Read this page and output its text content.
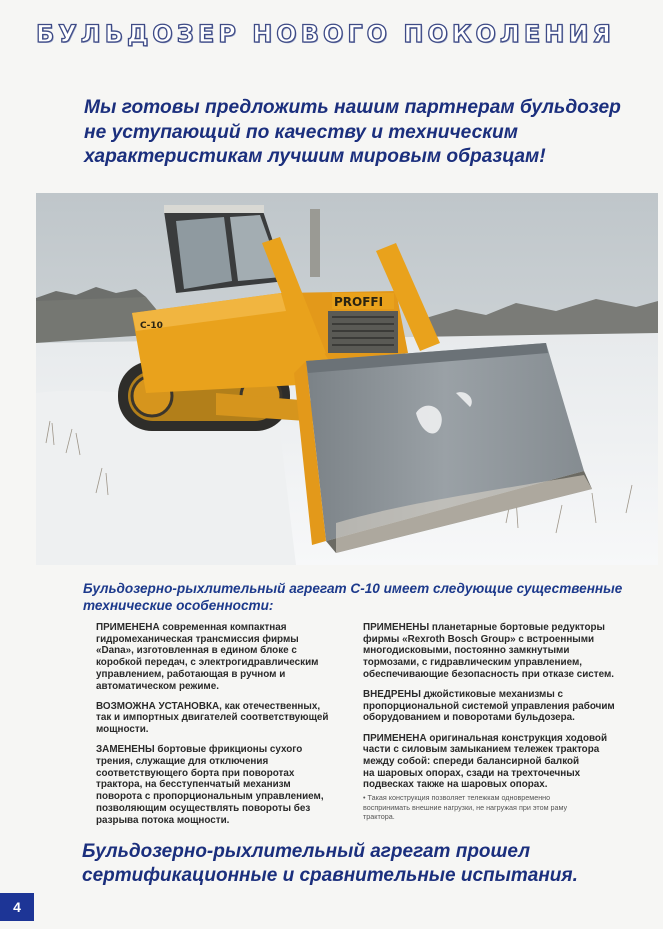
БУЛЬДОЗЕР НОВОГО ПОКОЛЕНИЯ

Мы готовы предложить нашим партнерам бульдозер
не уступающий по качеству и техническим
характеристикам лучшим мировым образцам!

PROFFI
С-10

Бульдозерно-рыхлительный агрегат С-10 имеет следующие существенные
технические особенности:

ПРИМЕНЕНА современная компактная
гидромеханическая трансмиссия фирмы
«Dana», изготовленная в едином блоке с
коробкой передач, с электрогидравлическим
управлением, работающая в ручном и
автоматическом режиме.

ВОЗМОЖНА УСТАНОВКА, как отечественных,
так и импортных двигателей соответствующей
мощности.

ЗАМЕНЕНЫ бортовые фрикционы сухого
трения, служащие для отключения
соответствующего борта при поворотах
трактора, на бесступенчатый механизм
поворота с пропорциональным управлением,
позволяющим осуществлять повороты без
разрыва потока мощности.

ПРИМЕНЕНЫ планетарные бортовые редукторы
фирмы «Rexroth Bosch Group» с встроенными
многодисковыми, постоянно замкнутыми
тормозами, с гидравлическим управлением,
обеспечивающие безопасность при отказе систем.

ВНЕДРЕНЫ джойстиковые механизмы с
пропорциональной системой управления рабочим
оборудованием и поворотами бульдозера.

ПРИМЕНЕНА оригинальная конструкция ходовой
части с силовым замыканием тележек трактора
между собой: спереди балансирной балкой
на шаровых опорах, сзади на трехточечных
подвесках также на шаровых опорах.

• Такая конструкция позволяет тележкам одновременно
воспринимать внешние нагрузки, не нагружая при этом раму
трактора.

Бульдозерно-рыхлительный агрегат прошел
сертификационные и сравнительные испытания.

4
